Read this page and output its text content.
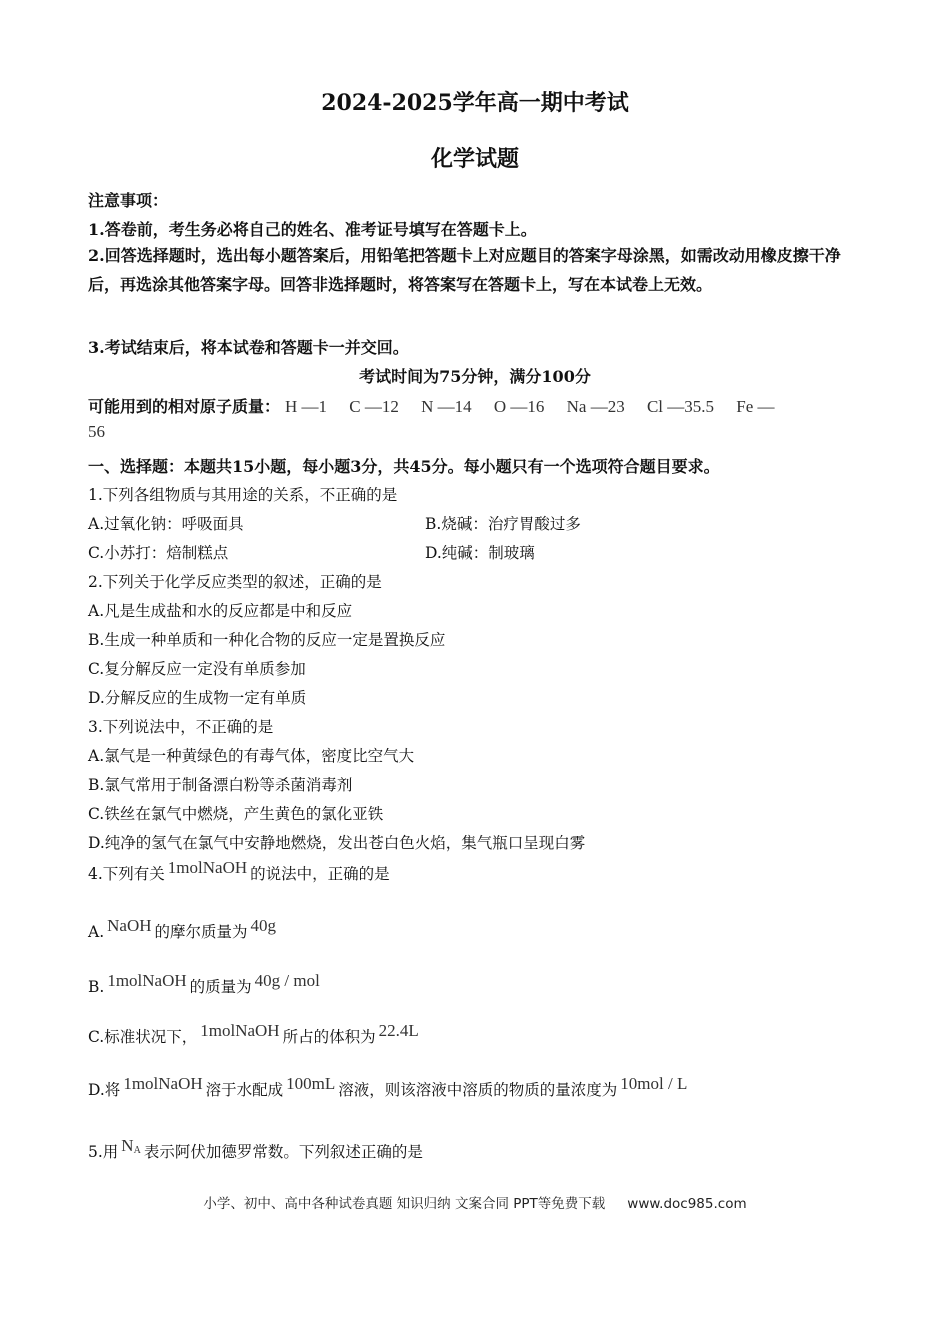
2024-2025学年高一期中考试
化学试题
注意事项：
1.答卷前，考生务必将自己的姓名、准考证号填写在答题卡上。
2.回答选择题时，选出每小题答案后，用铅笔把答题卡上对应题目的答案字母涂黑，如需改动用橡皮擦干净后，再选涂其他答案字母。回答非选择题时，将答案写在答题卡上，写在本试卷上无效。
3.考试结束后，将本试卷和答题卡一并交回。
考试时间为75分钟，满分100分
可能用到的相对原子质量： H —1 C —12 N —14 O —16 Na —23 Cl —35.5 Fe —
56
一、选择题：本题共15小题，每小题3分，共45分。每小题只有一个选项符合题目要求。
1.下列各组物质与其用途的关系，不正确的是
A.过氧化钠：呼吸面具	B.烧碱：治疗胃酸过多
C.小苏打：焙制糕点	D.纯碱：制玻璃
2.下列关于化学反应类型的叙述，正确的是
A.凡是生成盐和水的反应都是中和反应
B.生成一种单质和一种化合物的反应一定是置换反应
C.复分解反应一定没有单质参加
D.分解反应的生成物一定有单质
3.下列说法中，不正确的是
A.氯气是一种黄绿色的有毒气体，密度比空气大
B.氯气常用于制备漂白粉等杀菌消毒剂
C.铁丝在氯气中燃烧，产生黄色的氯化亚铁
D.纯净的氢气在氯气中安静地燃烧，发出苍白色火焰，集气瓶口呈现白雾
4.下列有关 1molNaOH 的说法中，正确的是
A. NaOH 的摩尔质量为 40g
B. 1molNaOH 的质量为 40g / mol
C.标准状况下， 1molNaOH 所占的体积为 22.4L
D.将 1molNaOH 溶于水配成 100mL 溶液，则该溶液中溶质的物质的量浓度为 10mol / L
5.用 NA 表示阿伏加德罗常数。下列叙述正确的是
小学、初中、高中各种试卷真题 知识归纳 文案合同 PPT等免费下载 www.doc985.com
